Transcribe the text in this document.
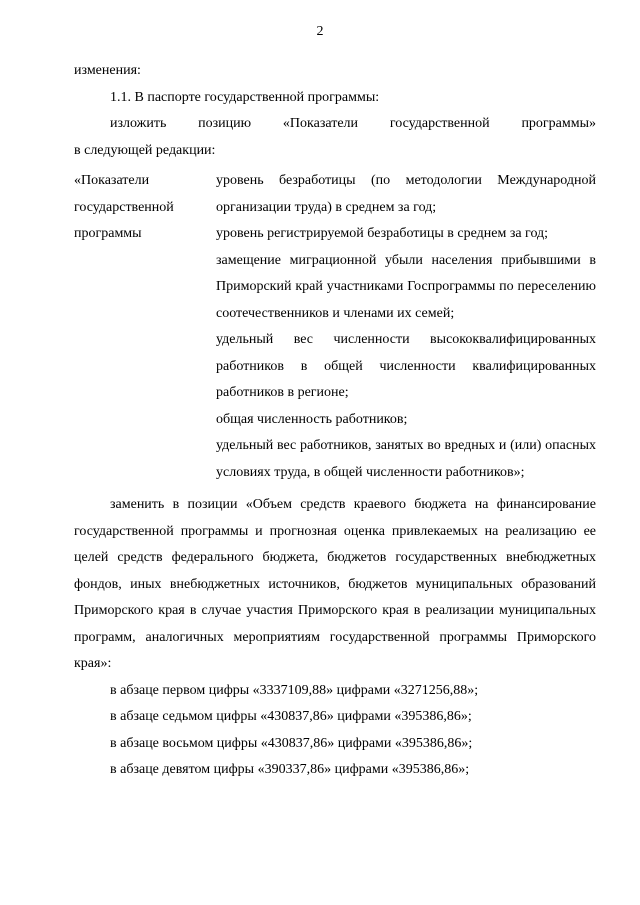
2
изменения:
1.1. В паспорте государственной программы:
изложить позицию «Показатели государственной программы»
в следующей редакции:
«Показатели
государственной
программы
уровень безработицы (по методологии Международной организации труда) в среднем за год;
уровень регистрируемой безработицы в среднем за год;
замещение миграционной убыли населения прибывшими в Приморский край участниками Госпрограммы по переселению соотечественников и членами их семей;
удельный вес численности высококвалифицированных работников в общей численности квалифицированных работников в регионе;
общая численность работников;
удельный вес работников, занятых во вредных и (или) опасных условиях труда, в общей численности работников»;
заменить в позиции «Объем средств краевого бюджета на финансирование государственной программы и прогнозная оценка привлекаемых на реализацию ее целей средств федерального бюджета, бюджетов государственных внебюджетных фондов, иных внебюджетных источников, бюджетов муниципальных образований Приморского края в случае участия Приморского края в реализации муниципальных программ, аналогичных мероприятиям государственной программы Приморского края»:
в абзаце первом цифры «3337109,88» цифрами «3271256,88»;
в абзаце седьмом цифры «430837,86» цифрами «395386,86»;
в абзаце восьмом цифры «430837,86» цифрами «395386,86»;
в абзаце девятом цифры «390337,86» цифрами «395386,86»;
